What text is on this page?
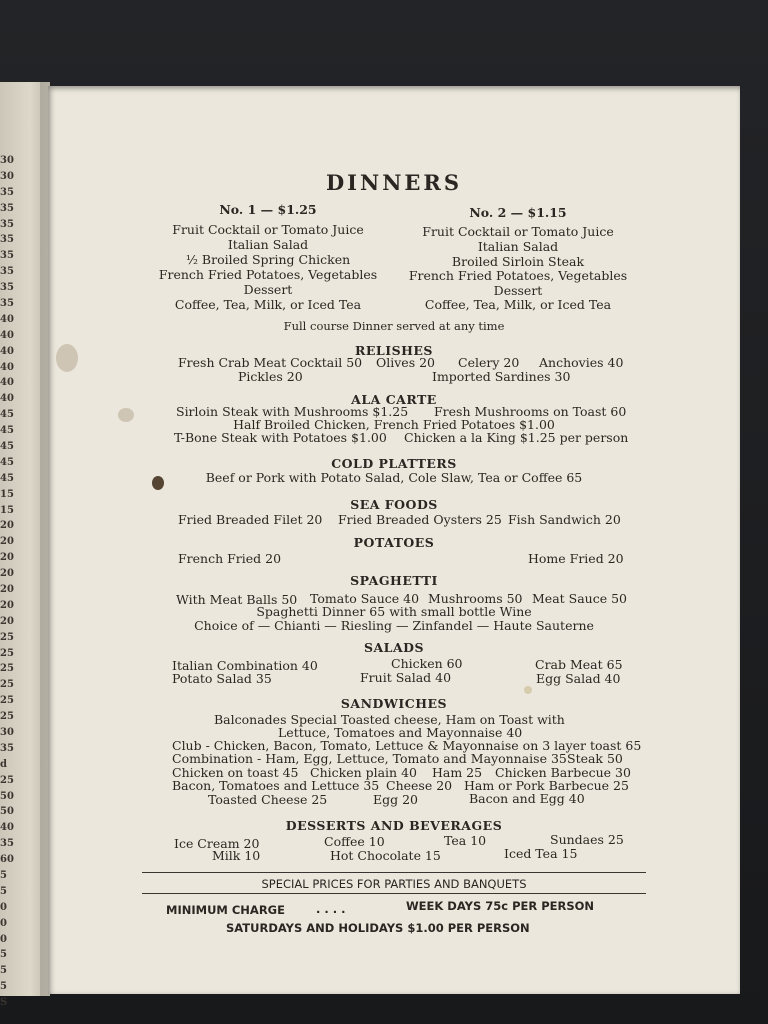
30
30
35
35
35
35
35
35
35
35
40
40
40
40
40
40
45
45
45
45
45
15
15
20
20
20
20
20
20
20
25
25
25
25
25
25
30
35
d
25
50
50
40
35
60
5
5
0
0
0
5
5
5
S
DINNERS
No. 1 — $1.25	No. 2 — $1.15
Fruit Cocktail or Tomato Juice
Italian Salad
½ Broiled Spring Chicken
French Fried Potatoes, Vegetables
Dessert
Coffee, Tea, Milk, or Iced Tea
Fruit Cocktail or Tomato Juice
Italian Salad
Broiled Sirloin Steak
French Fried Potatoes, Vegetables
Dessert
Coffee, Tea, Milk, or Iced Tea
Full course Dinner served at any time
RELISHES
Fresh Crab Meat Cocktail 50 Olives 20 Celery 20 Anchovies 40
Pickles 20	Imported Sardines 30
ALA CARTE
Sirloin Steak with Mushrooms $1.25 Fresh Mushrooms on Toast 60
Half Broiled Chicken, French Fried Potatoes $1.00
T-Bone Steak with Potatoes $1.00 Chicken a la King $1.25 per person
COLD PLATTERS
Beef or Pork with Potato Salad, Cole Slaw, Tea or Coffee 65
SEA FOODS
Fried Breaded Filet 20 Fried Breaded Oysters 25 Fish Sandwich 20
POTATOES
French Fried 20	Home Fried 20
SPAGHETTI
With Meat Balls 50 Tomato Sauce 40 Mushrooms 50 Meat Sauce 50
Spaghetti Dinner 65 with small bottle Wine
Choice of — Chianti — Riesling — Zinfandel — Haute Sauterne
SALADS
Italian Combination 40	Chicken 60	Crab Meat 65
Potato Salad 35	Fruit Salad 40	Egg Salad 40
SANDWICHES
Balconades Special Toasted cheese, Ham on Toast with
Lettuce, Tomatoes and Mayonnaise 40
Club - Chicken, Bacon, Tomato, Lettuce & Mayonnaise on 3 layer toast 65
Combination - Ham, Egg, Lettuce, Tomato and Mayonnaise 35 Steak 50
Chicken on toast 45 Chicken plain 40 Ham 25 Chicken Barbecue 30
Bacon, Tomatoes and Lettuce 35 Cheese 20 Ham or Pork Barbecue 25
Toasted Cheese 25	Egg 20	Bacon and Egg 40
DESSERTS AND BEVERAGES
Ice Cream 20	Coffee 10	Tea 10	Sundaes 25
Milk 10	Hot Chocolate 15	Iced Tea 15
SPECIAL PRICES FOR PARTIES AND BANQUETS
MINIMUM CHARGE	. . . .	WEEK DAYS 75c PER PERSON
SATURDAYS AND HOLIDAYS $1.00 PER PERSON
